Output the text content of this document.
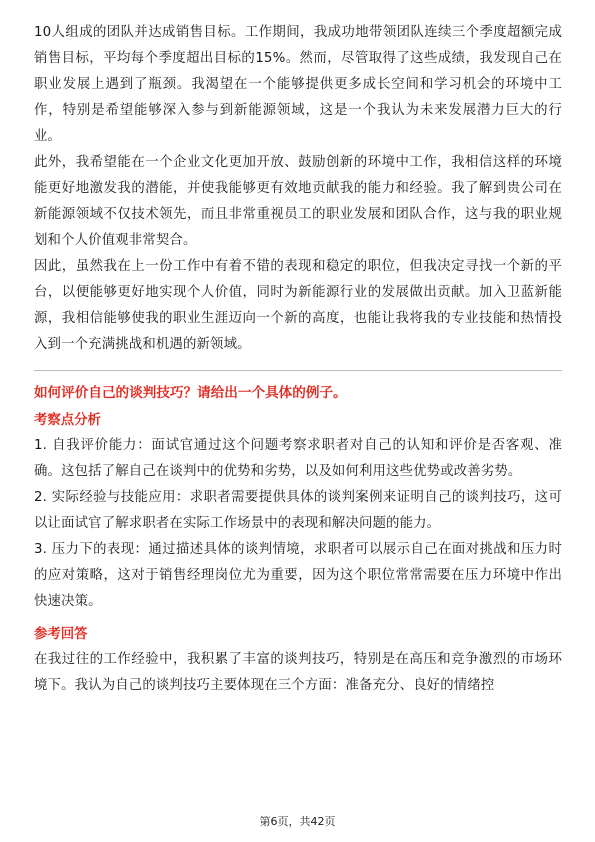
10人组成的团队并达成销售目标。工作期间，我成功地带领团队连续三个季度超额完成销售目标，平均每个季度超出目标的15%。然而，尽管取得了这些成绩，我发现自己在职业发展上遇到了瓶颈。我渴望在一个能够提供更多成长空间和学习机会的环境中工作，特别是希望能够深入参与到新能源领域，这是一个我认为未来发展潜力巨大的行业。

此外，我希望能在一个企业文化更加开放、鼓励创新的环境中工作，我相信这样的环境能更好地激发我的潜能，并使我能够更有效地贡献我的能力和经验。我了解到贵公司在新能源领域不仅技术领先，而且非常重视员工的职业发展和团队合作，这与我的职业规划和个人价值观非常契合。

因此，虽然我在上一份工作中有着不错的表现和稳定的职位，但我决定寻找一个新的平台，以便能够更好地实现个人价值，同时为新能源行业的发展做出贡献。加入卫蓝新能源，我相信能够使我的职业生涯迈向一个新的高度，也能让我将我的专业技能和热情投入到一个充满挑战和机遇的新领域。

如何评价自己的谈判技巧？请给出一个具体的例子。
考察点分析

1. 自我评价能力：面试官通过这个问题考察求职者对自己的认知和评价是否客观、准确。这包括了解自己在谈判中的优势和劣势，以及如何利用这些优势或改善劣势。

2. 实际经验与技能应用：求职者需要提供具体的谈判案例来证明自己的谈判技巧，这可以让面试官了解求职者在实际工作场景中的表现和解决问题的能力。

3. 压力下的表现：通过描述具体的谈判情境，求职者可以展示自己在面对挑战和压力时的应对策略，这对于销售经理岗位尤为重要，因为这个职位常常需要在压力环境中作出快速决策。

参考回答

在我过往的工作经验中，我积累了丰富的谈判技巧，特别是在高压和竞争激烈的市场环境下。我认为自己的谈判技巧主要体现在三个方面：准备充分、良好的情绪控

第6页，共42页
